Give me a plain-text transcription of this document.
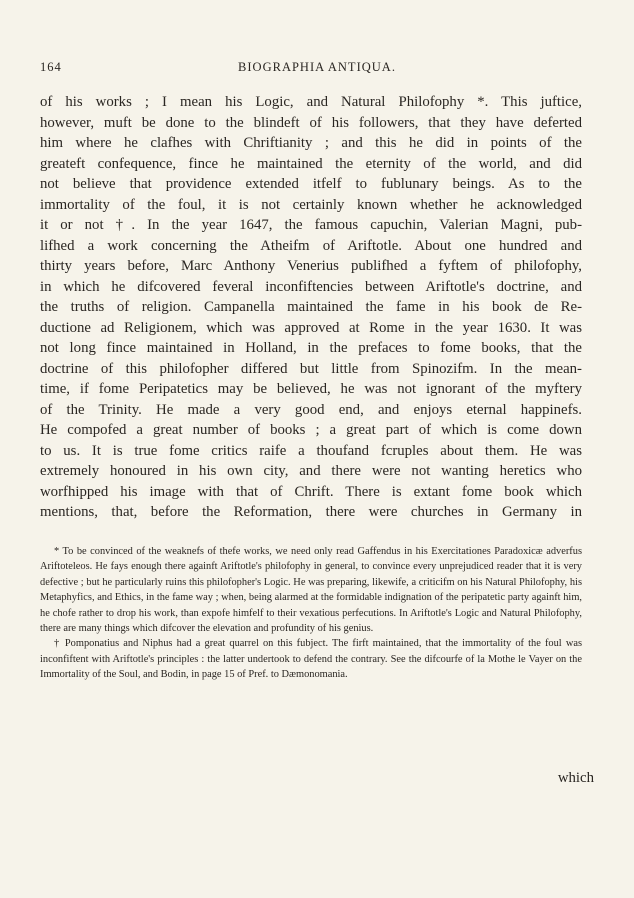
164	BIOGRAPHIA ANTIQUA.
of his works ; I mean his Logic, and Natural Philofophy *. This juftice,
however, muft be done to the blindeft of his followers, that they have deferted
him where he clafhes with Chriftianity ; and this he did in points of the
greateft confequence, fince he maintained the eternity of the world, and did
not believe that providence extended itfelf to fublunary beings. As to the
immortality of the foul, it is not certainly known whether he acknowledged
it or not †. In the year 1647, the famous capuchin, Valerian Magni, pub-
lifhed a work concerning the Atheifm of Ariftotle. About one hundred and
thirty years before, Marc Anthony Venerius publifhed a fyftem of philofophy,
in which he difcovered feveral inconfiftencies between Ariftotle's doctrine, and
the truths of religion. Campanella maintained the fame in his book de Re-
ductione ad Religionem, which was approved at Rome in the year 1630. It was
not long fince maintained in Holland, in the prefaces to fome books, that the
doctrine of this philofopher differed but little from Spinozifm. In the mean-
time, if fome Peripatetics may be believed, he was not ignorant of the myftery
of the Trinity. He made a very good end, and enjoys eternal happinefs.
He compofed a great number of books ; a great part of which is come down
to us. It is true fome critics raife a thoufand fcruples about them. He was
extremely honoured in his own city, and there were not wanting heretics who
worfhipped his image with that of Chrift. There is extant fome book which
mentions, that, before the Reformation, there were churches in Germany in

* To be convinced of the weaknefs of thefe works, we need only read Gaffendus in his Exercitationes Paradoxicæ adverfus Ariftoteleos. He fays enough there againft Ariftotle's philofophy in general, to convince every unprejudiced reader that it is very defective ; but he particularly ruins this philofopher's Logic. He was preparing, likewife, a criticifm on his Natural Philofophy, his Metaphyfics, and Ethics, in the fame way ; when, being alarmed at the formidable indignation of the peripatetic party againft him, he chofe rather to drop his work, than expofe himfelf to their vexatious perfecutions. In Ariftotle's Logic and Natural Philofophy, there are many things which difcover the elevation and profundity of his genius.

† Pomponatius and Niphus had a great quarrel on this fubject. The firft maintained, that the immortality of the foul was inconfiftent with Ariftotle's principles : the latter undertook to defend the contrary. See the difcourfe of la Mothe le Vayer on the Immortality of the Soul, and Bodin, in page 15 of Pref. to Dæmonomania.

which
